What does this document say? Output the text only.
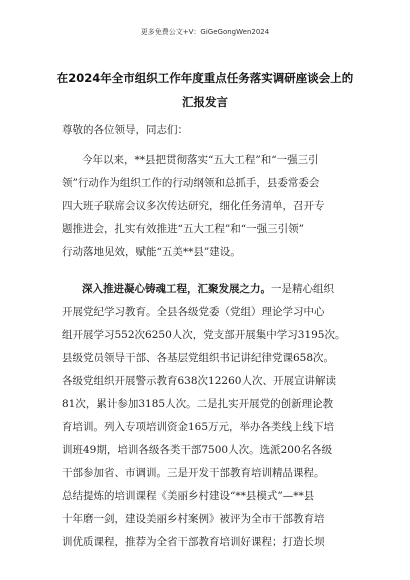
更多免费公文+V：GiGeGongWen2024
在2024年全市组织工作年度重点任务落实调研座谈会上的
汇报发言
尊敬的各位领导，同志们：
今年以来，**县把贯彻落实“五大工程”和“一强三引
领”行动作为组织工作的行动纲领和总抓手，县委常委会
四大班子联席会议多次传达研究，细化任务清单，召开专
题推进会，扎实有效推进“五大工程”和“一强三引领”
行动落地见效，赋能“五美**县”建设。
深入推进凝心铸魂工程，汇聚发展之力。一是精心组织
开展党纪学习教育。全县各级党委（党组）理论学习中心
组开展学习552次6250人次，党支部开展集中学习3195次。
县级党员领导干部、各基层党组织书记讲纪律党课658次。
各级党组织开展警示教育638次12260人次、开展宣讲解读
81次，累计参加3185人次。二是扎实开展党的创新理论教
育培训。列入专项培训资金165万元，举办各类线上线下培
训班49期，培训各级各类干部7500人次。选派200名各级
干部参加省、市调训。三是开发干部教育培训精品课程。
总结提炼的培训课程《美丽乡村建设“**县模式”—**县
十年磨一剑，建设美丽乡村案例》被评为全市干部教育培
训优质课程，推荐为全省干部教育培训好课程；打造长坝
